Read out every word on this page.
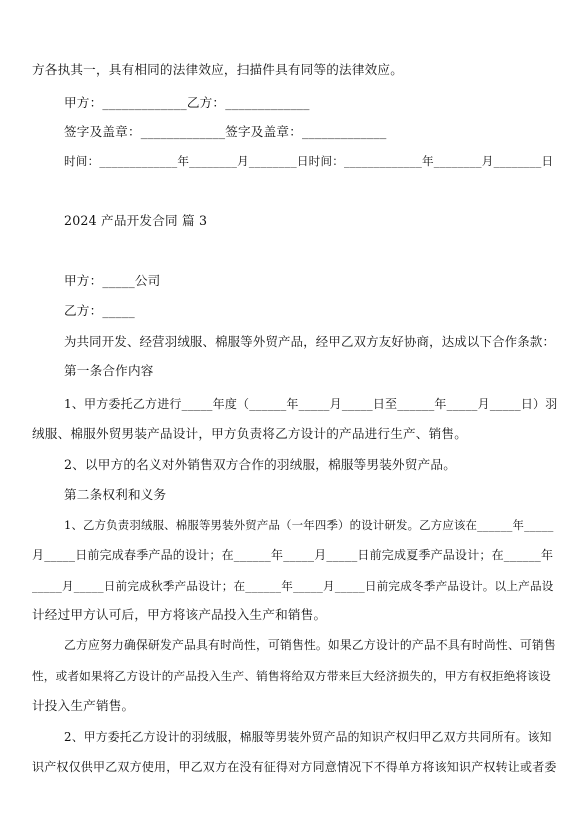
方各执其一，具有相同的法律效应，扫描件具有同等的法律效应。
甲方：_____________乙方：_____________
签字及盖章：_____________签字及盖章：_____________
时间：_____________年________月________日时间：_____________年________月________日
2024 产品开发合同 篇 3
甲方：_____公司
乙方：_____
为共同开发、经营羽绒服、棉服等外贸产品，经甲乙双方友好协商，达成以下合作条款：
第一条合作内容
1、甲方委托乙方进行_____年度（______年_____月_____日至______年_____月_____日）羽
绒服、棉服外贸男装产品设计，甲方负责将乙方设计的产品进行生产、销售。
2、以甲方的名义对外销售双方合作的羽绒服，棉服等男装外贸产品。
第二条权利和义务
1、乙方负责羽绒服、棉服等男装外贸产品（一年四季）的设计研发。乙方应该在______年_____
月_____日前完成春季产品的设计；在______年_____月_____日前完成夏季产品设计；在______年
_____月_____日前完成秋季产品设计；在______年_____月_____日前完成冬季产品设计。以上产品设
计经过甲方认可后，甲方将该产品投入生产和销售。
乙方应努力确保研发产品具有时尚性，可销售性。如果乙方设计的产品不具有时尚性、可销售
性，或者如果将乙方设计的产品投入生产、销售将给双方带来巨大经济损失的，甲方有权拒绝将该设
计投入生产销售。
2、甲方委托乙方设计的羽绒服，棉服等男装外贸产品的知识产权归甲乙双方共同所有。该知
识产权仅供甲乙双方使用，甲乙双方在没有征得对方同意情况下不得单方将该知识产权转让或者委
